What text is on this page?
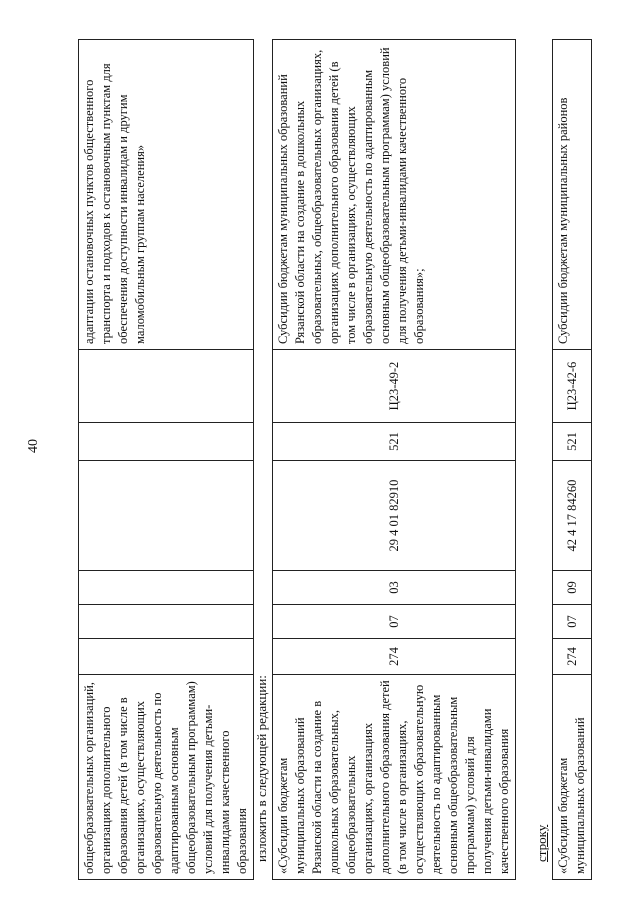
40
общеобразовательных организаций, организациях дополнительного образования детей (в том числе в организациях, осуществляющих образовательную деятельность по адаптированным основным общеобразовательным программам) условий для получения детьми-инвалидами качественного образования							адаптации остановочных пунктов общественного транспорта и подходов к остановочным пунктам для обеспечения доступности инвалидам и другим маломобильным группам населения»
изложить в следующей редакции: «Субсидии бюджетам муниципальных образований Рязанской области на создание в дошкольных образовательных, общеобразовательных организациях, организациях дополнительного образования детей (в том числе в организациях, осуществляющих образовательную деятельность по адаптированным основным общеобразовательным программам) условий для получения детьми-инвалидами качественного образования	274	07	03	29 4 01 82910	521	Ц23-49-2	Субсидии бюджетам муниципальных образований Рязанской области на создание в дошкольных образовательных, общеобразовательных организациях, организациях дополнительного образования детей (в том числе в организациях, осуществляющих образовательную деятельность по адаптированным основным общеобразовательным программам) условий для получения детьми-инвалидами качественного образования»;
строку «Субсидии бюджетам муниципальных образований	274	07	09	42 4 17 84260	521	Ц23-42-6	Субсидии бюджетам муниципальных районов
